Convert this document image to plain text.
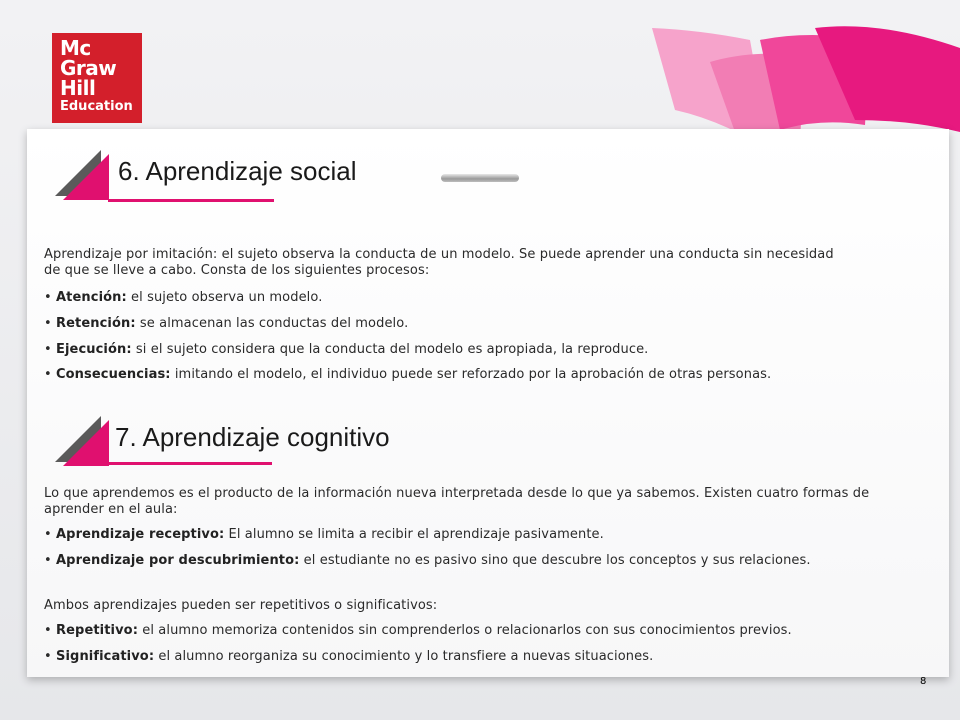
Mc
Graw
Hill
Education
6. Aprendizaje social

Aprendizaje por imitación: el sujeto observa la conducta de un modelo. Se puede aprender una conducta sin necesidad de que se lleve a cabo. Consta de los siguientes procesos:

• Atención: el sujeto observa un modelo.

• Retención: se almacenan las conductas del modelo.

• Ejecución: si el sujeto considera que la conducta del modelo es apropiada, la reproduce.

• Consecuencias: imitando el modelo, el individuo puede ser reforzado por la aprobación de otras personas.

7. Aprendizaje cognitivo

Lo que aprendemos es el producto de la información nueva interpretada desde lo que ya sabemos. Existen cuatro formas de aprender en el aula:

• Aprendizaje receptivo: El alumno se limita a recibir el aprendizaje pasivamente.

• Aprendizaje por descubrimiento: el estudiante no es pasivo sino que descubre los conceptos y sus relaciones.

Ambos aprendizajes pueden ser repetitivos o significativos:

• Repetitivo: el alumno memoriza contenidos sin comprenderlos o relacionarlos con sus conocimientos previos.

• Significativo: el alumno reorganiza su conocimiento y lo transfiere a nuevas situaciones.

8
